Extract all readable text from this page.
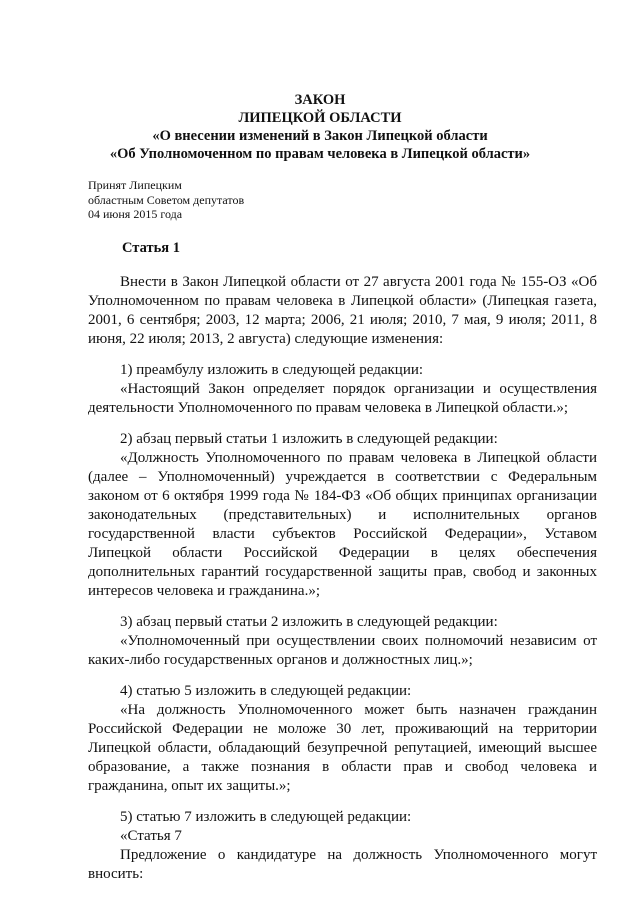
ЗАКОН
ЛИПЕЦКОЙ ОБЛАСТИ
«О внесении изменений в Закон Липецкой области
«Об Уполномоченном по правам человека в Липецкой области»
Принят Липецким
областным Советом депутатов
04 июня 2015 года
Статья 1

Внести в Закон Липецкой области от 27 августа 2001 года № 155-ОЗ «Об

Уполномоченном по правам человека в Липецкой области» (Липецкая газета,

2001, 6 сентября; 2003, 12 марта; 2006, 21 июля; 2010, 7 мая, 9 июля; 2011, 8

июня, 22 июля; 2013, 2 августа) следующие изменения:

1) преамбулу изложить в следующей редакции:

«Настоящий Закон определяет порядок организации и осуществления

деятельности Уполномоченного по правам человека в Липецкой области.»;

2) абзац первый статьи 1 изложить в следующей редакции:

«Должность Уполномоченного по правам человека в Липецкой области

(далее – Уполномоченный) учреждается в соответствии с Федеральным

законом от 6 октября 1999 года № 184-ФЗ «Об общих принципах организации

законодательных (представительных) и исполнительных органов

государственной власти субъектов Российской Федерации», Уставом

Липецкой области Российской Федерации в целях обеспечения

дополнительных гарантий государственной защиты прав, свобод и законных

интересов человека и гражданина.»;

3) абзац первый статьи 2 изложить в следующей редакции:

«Уполномоченный при осуществлении своих полномочий независим от

каких-либо государственных органов и должностных лиц.»;

4) статью 5 изложить в следующей редакции:

«На должность Уполномоченного может быть назначен гражданин

Российской Федерации не моложе 30 лет, проживающий на территории

Липецкой области, обладающий безупречной репутацией, имеющий высшее

образование, а также познания в области прав и свобод человека и

гражданина, опыт их защиты.»;

5) статью 7 изложить в следующей редакции:

«Статья 7

Предложение о кандидатуре на должность Уполномоченного могут

вносить:
